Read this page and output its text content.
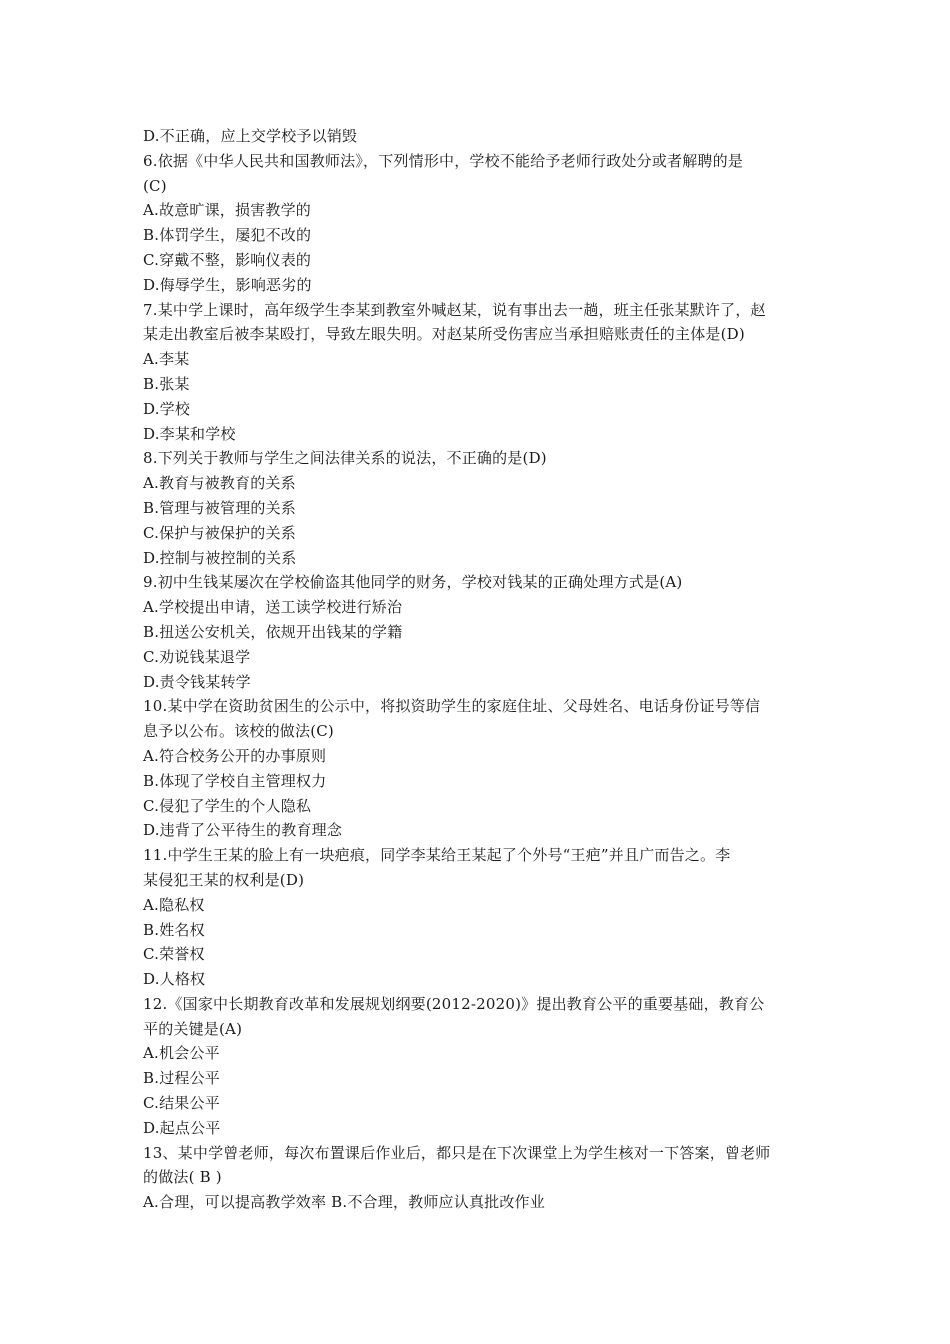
D.不正确，应上交学校予以销毁
6.依据《中华人民共和国教师法》，下列情形中，学校不能给予老师行政处分或者解聘的是
(C)
A.故意旷课，损害教学的
B.体罚学生，屡犯不改的
C.穿戴不整，影响仪表的
D.侮辱学生，影响恶劣的
7.某中学上课时，高年级学生李某到教室外喊赵某，说有事出去一趟，班主任张某默许了，赵
某走出教室后被李某殴打，导致左眼失明。对赵某所受伤害应当承担赔账责任的主体是(D)
A.李某
B.张某
D.学校
D.李某和学校
8.下列关于教师与学生之间法律关系的说法，不正确的是(D)
A.教育与被教育的关系
B.管理与被管理的关系
C.保护与被保护的关系
D.控制与被控制的关系
9.初中生钱某屡次在学校偷盗其他同学的财务，学校对钱某的正确处理方式是(A)
A.学校提出申请，送工读学校进行矫治
B.扭送公安机关，依规开出钱某的学籍
C.劝说钱某退学
D.责令钱某转学
10.某中学在资助贫困生的公示中，将拟资助学生的家庭住址、父母姓名、电话身份证号等信
息予以公布。该校的做法(C)
A.符合校务公开的办事原则
B.体现了学校自主管理权力
C.侵犯了学生的个人隐私
D.违背了公平待生的教育理念
11.中学生王某的脸上有一块疤痕，同学李某给王某起了个外号“王疤”并且广而告之。李
某侵犯王某的权利是(D)
A.隐私权
B.姓名权
C.荣誉权
D.人格权
12.《国家中长期教育改革和发展规划纲要(2012-2020)》提出教育公平的重要基础，教育公
平的关键是(A)
A.机会公平
B.过程公平
C.结果公平
D.起点公平
13、某中学曾老师，每次布置课后作业后，都只是在下次课堂上为学生核对一下答案，曾老师
的做法( B )
A.合理，可以提高教学效率 B.不合理，教师应认真批改作业
